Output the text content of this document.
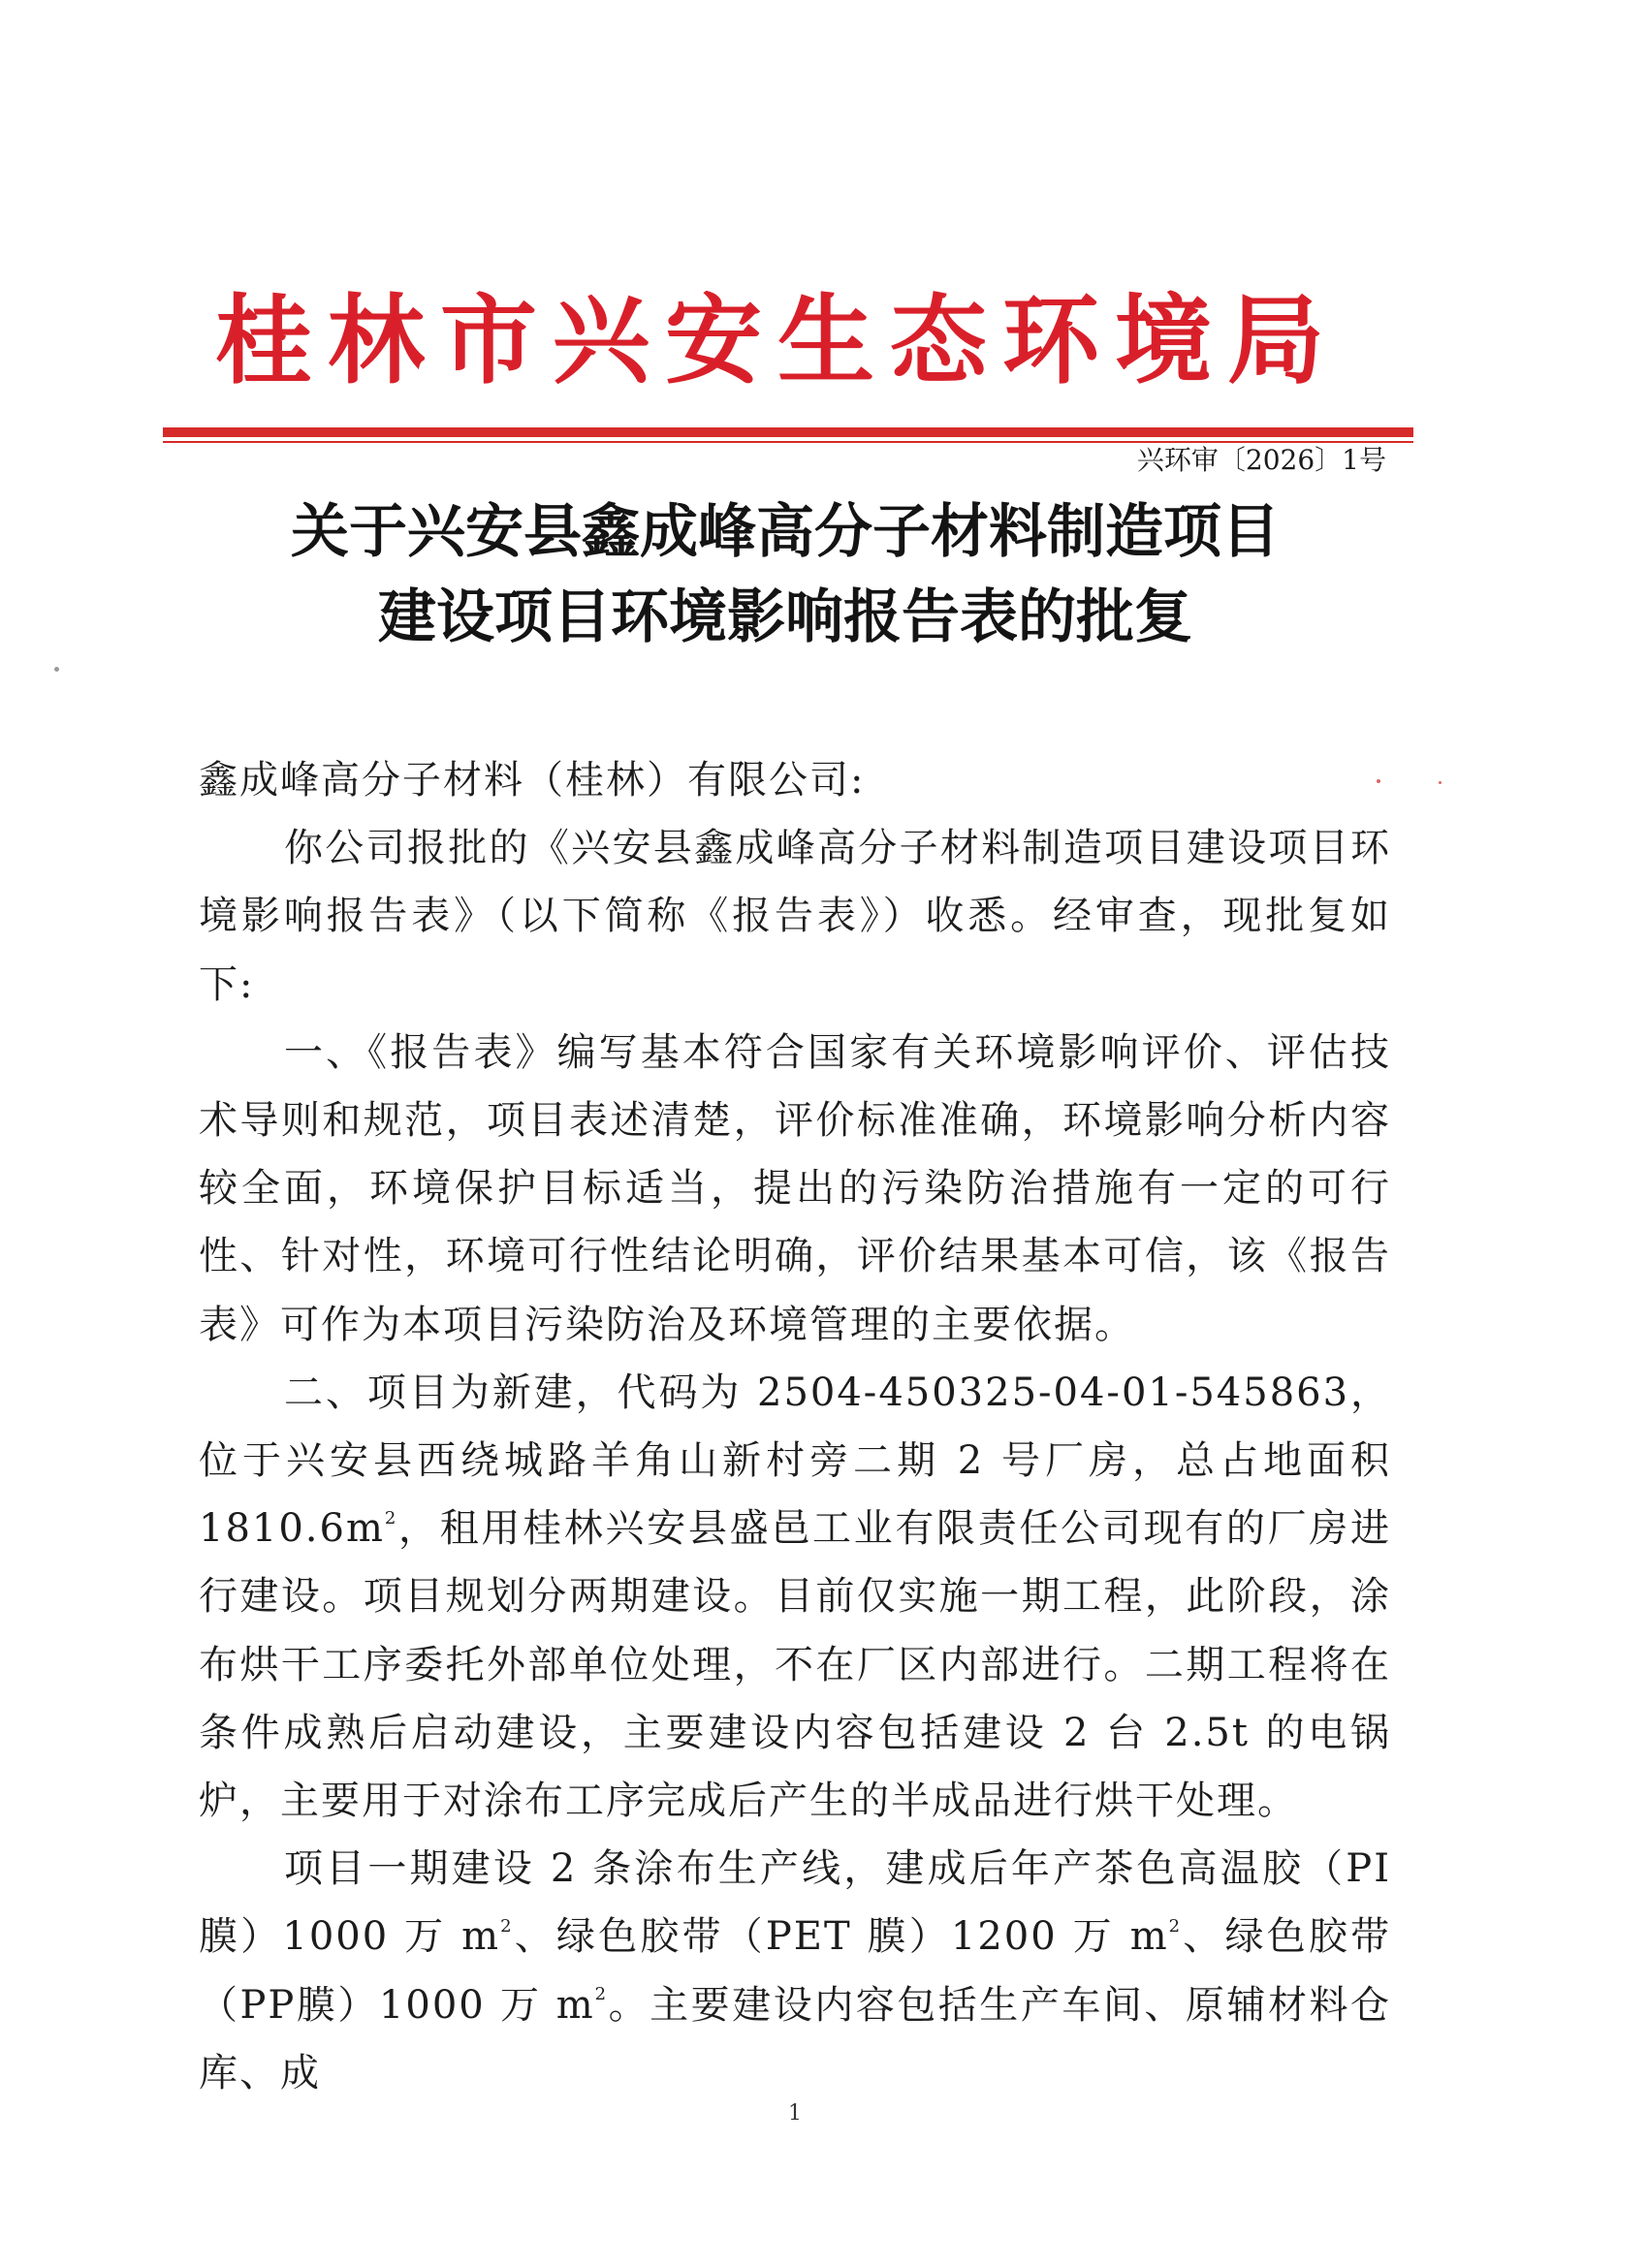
桂林市兴安生态环境局
兴环审〔2026〕1号
关于兴安县鑫成峰高分子材料制造项目
建设项目环境影响报告表的批复

鑫成峰高分子材料（桂林）有限公司:

你公司报批的《兴安县鑫成峰高分子材料制造项目建设项目环境影响报告表》（以下简称《报告表》）收悉。经审查，现批复如下:

一、《报告表》编写基本符合国家有关环境影响评价、评估技术导则和规范，项目表述清楚，评价标准准确，环境影响分析内容较全面，环境保护目标适当，提出的污染防治措施有一定的可行性、针对性，环境可行性结论明确，评价结果基本可信，该《报告表》可作为本项目污染防治及环境管理的主要依据。

二、项目为新建，代码为 2504-450325-04-01-545863，位于兴安县西绕城路羊角山新村旁二期 2 号厂房，总占地面积 $1810.6m^2$，租用桂林兴安县盛邑工业有限责任公司现有的厂房进行建设。项目规划分两期建设。目前仅实施一期工程，此阶段，涂布烘干工序委托外部单位处理，不在厂区内部进行。二期工程将在条件成熟后启动建设，主要建设内容包括建设 2 台 2.5t 的电锅炉，主要用于对涂布工序完成后产生的半成品进行烘干处理。

项目一期建设 2 条涂布生产线，建成后年产茶色高温胶（PI膜）1000 万 $m^2$、绿色胶带（PET 膜）1200 万 $m^2$、绿色胶带（PP膜）1000 万 $m^2$。主要建设内容包括生产车间、原辅材料仓库、成

1
